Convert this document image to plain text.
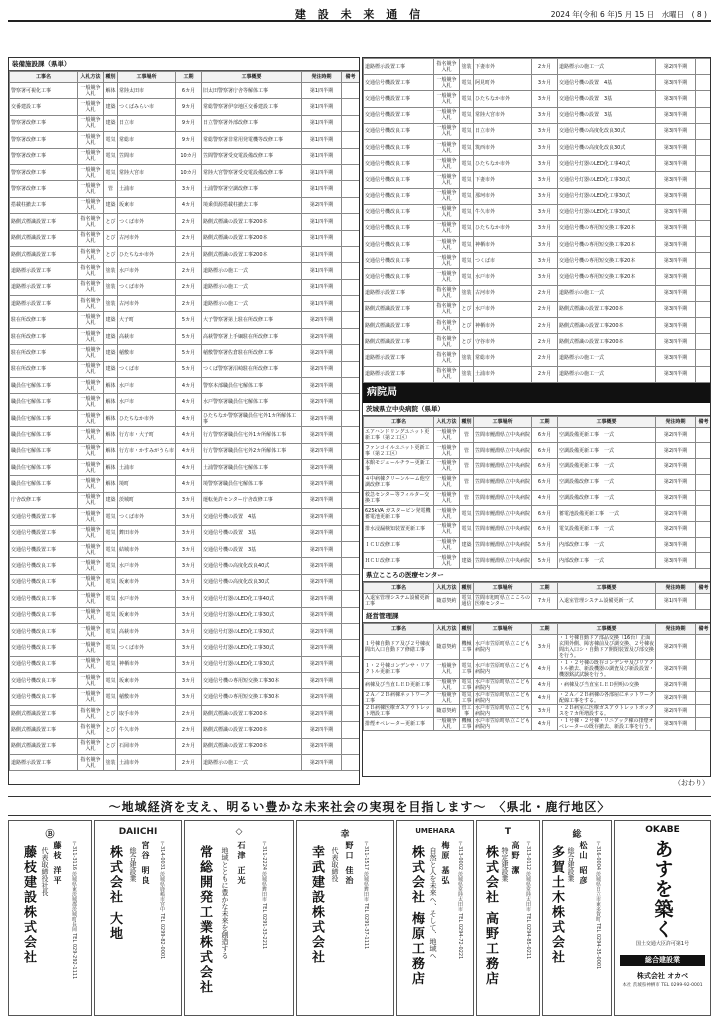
建 設 未 来 通 信	2024 年(令和 6 年)5 月 15 日　水曜日　( 8 )
装備施設課（県単）
工事名	入札方法	種別	工事場所	工期	工事概要	発注時期	備考
警察署可視化工事	一般競争入札	解体	常陸太田市	6カ月	旧太田警察署庁舎等解体工事	第1四半期	
交番建設工事	一般競争入札	建築	つくばみらい市	9カ月	常総警察署伊奈地区交番建設工事	第1四半期	
警察署改修工事	一般競争入札	建築	日立市	9カ月	日立警察署外部改修工事	第1四半期	
警察署改修工事	一般競争入札	電気	常総市	9カ月	常総警察署非常用発電機等改修工事	第1四半期	
警察署改修工事	一般競争入札	電気	笠間市	10カ月	笠間警察署受変電設備改修工事	第1四半期	
警察署改修工事	一般競争入札	電気	常陸大宮市	10カ月	常陸大宮警察署受変電設備改修工事	第1四半期	
警察署改修工事	一般競争入札	管	土浦市	3カ月	土浦警察署空調改修工事	第1四半期	
搭載柱撤去工事	一般競争入札	建築	坂東市	4カ月	境乗倶源搭載柱撤去工事	第2四半期	
路側式標識設置工事	指名競争入札	とび	つくば市外	2カ月	路側式標識の設置工事200本	第1四半期	
路側式標識設置工事	指名競争入札	とび	古河市外	2カ月	路側式標識の設置工事200本	第1四半期	
路側式標識設置工事	指名競争入札	とび	ひたちなか市外	2カ月	路側式標識の設置工事200本	第1四半期	
道路標示設置工事	指名競争入札	塗装	水戸市外	2カ月	道路標示の施工一式	第1四半期	
道路標示設置工事	指名競争入札	塗装	つくば市外	2カ月	道路標示の施工一式	第1四半期	
道路標示設置工事	指名競争入札	塗装	古河市外	2カ月	道路標示の施工一式	第1四半期	
駐在所改修工事	一般競争入札	建築	大子町	5カ月	大子警察署第上駐在所改修工事	第2四半期	
駐在所改修工事	一般競争入札	建築	高萩市	5カ月	高萩警察署上手綱駐在所改修工事	第2四半期	
駐在所改修工事	一般競争入札	建築	稲敷市	5カ月	稲敷警察署佐倉駐在所改修工事	第2四半期	
駐在所改修工事	一般競争入札	建築	つくば市	5カ月	つくば警察署沼崎駐在所改修工事	第2四半期	
職員住宅解体工事	一般競争入札	解体	水戸市	4カ月	警察本部職員住宅解体工事	第2四半期	
職員住宅解体工事	一般競争入札	解体	水戸市	4カ月	水戸警察署職員住宅解体工事	第2四半期	
職員住宅解体工事	一般競争入札	解体	ひたちなか市外	4カ月	ひたちなか警察署職員住宅外1カ所解体工事	第2四半期	
職員住宅解体工事	一般競争入札	解体	行方市・大子町	4カ月	行方警察署職員住宅外1カ所解体工事	第2四半期	
職員住宅解体工事	一般競争入札	解体	行方市・かすみがうら市	4カ月	行方警察署職員住宅外2カ所解体工事	第2四半期	
職員住宅解体工事	一般競争入札	解体	土浦市	4カ月	土浦警察署職員住宅解体工事	第2四半期	
職員住宅解体工事	一般競争入札	解体	境町	4カ月	境警察署職員住宅解体工事	第2四半期	
庁舎改修工事	一般競争入札	建築	茨城町	3カ月	運転免許センター庁舎改修工事	第2四半期	
交通信号機設置工事	一般競争入札	電気	つくば市外	3カ月	交通信号機の設置　4基	第2四半期	
交通信号機設置工事	一般競争入札	電気	鉾田市外	3カ月	交通信号機の設置　3基	第2四半期	
交通信号機設置工事	一般競争入札	電気	結城市外	3カ月	交通信号機の設置　3基	第2四半期	
交通信号機改良工事	一般競争入札	電気	水戸市外	3カ月	交通信号機の高度化改良40式	第2四半期	
交通信号機改良工事	一般競争入札	電気	坂東市外	3カ月	交通信号機の高度化改良30式	第2四半期	
交通信号機改良工事	一般競争入札	電気	水戸市外	3カ月	交通信号灯器のLED化工事40式	第2四半期	
交通信号機改良工事	一般競争入札	電気	坂東市外	3カ月	交通信号灯器のLED化工事30式	第2四半期	
交通信号機改良工事	一般競争入札	電気	高萩市外	3カ月	交通信号灯器のLED化工事30式	第2四半期	
交通信号機改良工事	一般競争入札	電気	つくば市外	3カ月	交通信号灯器のLED化工事30式	第2四半期	
交通信号機改良工事	一般競争入札	電気	神栖市外	3カ月	交通信号灯器のLED化工事30式	第2四半期	
交通信号機改良工事	一般競争入札	電気	坂東市外	3カ月	交通信号機の専用短交換工事30本	第2四半期	
交通信号機改良工事	一般競争入札	電気	稲敷市外	3カ月	交通信号機の専用短交換工事30本	第2四半期	
路側式標識設置工事	指名競争入札	とび	取手市外	2カ月	路側式標識の設置工事200本	第2四半期	
路側式標識設置工事	指名競争入札	とび	牛久市外	2カ月	路側式標識の設置工事200本	第2四半期	
路側式標識設置工事	指名競争入札	とび	石岡市外	2カ月	路側式標識の設置工事200本	第2四半期	
道路標示設置工事	指名競争入札	塗装	土浦市外	2カ月	道路標示の施工一式	第2四半期	
道路標示設置工事	指名競争入札	塗装	下妻市外	2カ月	道路標示の施工一式	第2四半期	
交通信号機設置工事	一般競争入札	電気	阿見町外	3カ月	交通信号機の設置　4基	第3四半期	
交通信号機設置工事	一般競争入札	電気	ひたちなか市外	3カ月	交通信号機の設置　3基	第3四半期	
交通信号機設置工事	一般競争入札	電気	常陸大宮市外	3カ月	交通信号機の設置　3基	第3四半期	
交通信号機改良工事	一般競争入札	電気	日立市外	3カ月	交通信号機の高度化改良30式	第3四半期	
交通信号機改良工事	一般競争入札	電気	筑西市外	3カ月	交通信号機の高度化改良30式	第3四半期	
交通信号機改良工事	一般競争入札	電気	ひたちなか市外	3カ月	交通信号灯器のLED化工事40式	第3四半期	
交通信号機改良工事	一般競争入札	電気	下妻市外	3カ月	交通信号灯器のLED化工事30式	第3四半期	
交通信号機改良工事	一般競争入札	電気	那珂市外	3カ月	交通信号灯器のLED化工事30式	第3四半期	
交通信号機改良工事	一般競争入札	電気	牛久市外	3カ月	交通信号灯器のLED化工事30式	第3四半期	
交通信号機改良工事	一般競争入札	電気	ひたちなか市外	3カ月	交通信号機の専用短交換工事20本	第3四半期	
交通信号機改良工事	一般競争入札	電気	神栖市外	3カ月	交通信号機の専用短交換工事20本	第3四半期	
交通信号機改良工事	一般競争入札	電気	つくば市	3カ月	交通信号機の専用短交換工事20本	第3四半期	
交通信号機改良工事	一般競争入札	電気	水戸市外	3カ月	交通信号機の専用短交換工事20本	第3四半期	
道路標示設置工事	指名競争入札	塗装	古河市外	2カ月	道路標示の施工一式	第3四半期	
路側式標識設置工事	指名競争入札	とび	水戸市外	2カ月	路側式標識の設置工事200本	第3四半期	
路側式標識設置工事	指名競争入札	とび	神栖市外	2カ月	路側式標識の設置工事200本	第3四半期	
路側式標識設置工事	指名競争入札	とび	守谷市外	2カ月	路側式標識の設置工事200本	第3四半期	
道路標示設置工事	指名競争入札	塗装	常総市外	2カ月	道路標示の施工一式	第3四半期	
道路標示設置工事	指名競争入札	塗装	土浦市外	2カ月	道路標示の施工一式	第3四半期	
病院局
茨城県立中央病院（県単）
工事名	入札方法	種別	工事場所	工期	工事概要	発注時期	備考
エアハンドリングユニット更新工事（第２工区）	一般競争入札	管	笠間市鯉淵県立中央病院	6カ月	空調設備更新工事　一式	第2四半期	
ファンコイルユニット更新工事（第２工区）	一般競争入札	管	笠間市鯉淵県立中央病院	6カ月	空調設備更新工事　一式	第2四半期	
本館モジュールチラー更新工事	一般競争入札	管	笠間市鯉淵県立中央病院	6カ月	空調設備更新工事　一式	第2四半期	
４中病棟クリーンルーム他空調改修工事	一般競争入札	管	笠間市鯉淵県立中央病院	6カ月	空調設備改修工事　一式	第2四半期	
救急センター等フィルター交換工事	一般競争入札	管	笠間市鯉淵県立中央病院	4カ月	空調設備改修工事　一式	第2四半期	
625kVA ガスタービン発電機蓄電池更新工事	一般競争入札	電気	笠間市鯉淵県立中央病院	6カ月	蓄電池設備更新工事　一式	第2四半期	
排水浸漏検知装置更新工事	一般競争入札	電気	笠間市鯉淵県立中央病院	6カ月	電気設備更新工事　一式	第2四半期	
ＩＣＵ改修工事	一般競争入札	建築	笠間市鯉淵県立中央病院	5カ月	内部改修工事　一式	第3四半期	
ＨＣＵ改修工事	一般競争入札	建築	笠間市鯉淵県立中央病院	5カ月	内部改修工事　一式	第3四半期	
県立こころの医療センター
工事名	入札方法	種別	工事場所	工期	工事概要	発注時期	備考
入退室管理システム設備更新工事	随意契約	電気通信	笠間市旭町県立こころの医療センター	7カ月	入退室管理システム設備更新一式	第1四半期	
経営管理課
工事名	入札方法	種別	工事場所	工期	工事概要	発注時期	備考
１号棟自動ドア及び２号棟夜間出入口自動ドア修繕工事	随意契約	機械工事	水戸市笠原町県立こども病院内	3カ月	・１号棟自動ドア部品交換（16台）正面玄関外側、障害棟前及び調交換、２号棟夜間出入口シ・自動ドア開閉装置及び部交換を行う。	第2四半期	
１・２号棟コンデンサ・リアクトル更新工事	一般競争入札	電気工事	水戸市笠原町県立こども病院内	4カ月	・１・２号棟の既存コンデンサ及びリアクトル撤去、新設機器の調査及び新設設置・機器銘試試験を行う。	第2四半期	
病棟及び当直ＬＥＤ更新工事	一般競争入札	電気工事	水戸市笠原町県立こども病院内	4カ月	・病棟及び当直室ＬＥＤ照明の交換	第2四半期	
２Ａ／２Ｂ病棟ネットワーク工事	一般競争入札	電気工事	水戸市笠原町県立こども病院内	4カ月	・２Ａ／２Ｂ病棟の各部屋にネットワーク配線工事をする。	第2四半期	
２Ｂ病棟医療ガスアウトレット増設工事	随意契約	管工事	水戸市笠原町県立こども病院内	3カ月	・２Ｂ病室に医療ガスアウトレットボックスを７カ所増設する。	第2四半期	
排煙オペレーター更新工事	一般競争入札	機械工事	水戸市笠原町県立こども病院内	4カ月	・１号棟・２号棟・リニアック棟の排煙オペレーターの既存撤去、新設工事を行う。	第3四半期	
（おわり）
～地域経済を支え、明るい豊かな未来社会の実現を目指します～　〈県北・鹿行地区〉
Ⓑ
藤枝建設株式会社 代表取締役社長 藤枝 洋平 〒311-3116 茨城県東茨城郡茨城町長岡 TEL 029-292-1111
DAIICHI
株式会社 大地 総合建設業 宮谷 明良 〒314-0031 茨城県鹿嶋市宮中 TEL 0299-82-0001
◇
常総開発工業株式会社 地域とともに豊かな未来を創造する 石津 正光	〒311-2224 茨城県鉾田市 TEL 0291-33-2211
幸
幸武建設株式会社 代表取締役 野口 佳治 〒311-1517 茨城県鉾田市 TEL 0291-37-1111
UMEHARA
株式会社 梅原工務店 自然と人を未来へ、そして、地域へ 梅原 基弘 〒313-0002 茨城県常陸太田市 TEL 0294-72-0221
T
株式会社 高野工務店 特定建設業 高野 潔 〒313-0112 茨城県常陸太田市 TEL 0294-85-0211
総
多賀土木株式会社 総合建設業 松山 昭彦 〒316-0004 茨城県日立市東多賀町 TEL 0294-35-0001
OKABE
あすを築く
国土交通大臣許可第1号
総合建設業
株式会社 オカベ
本社 茨城県神栖市 TEL 0299-92-0001
